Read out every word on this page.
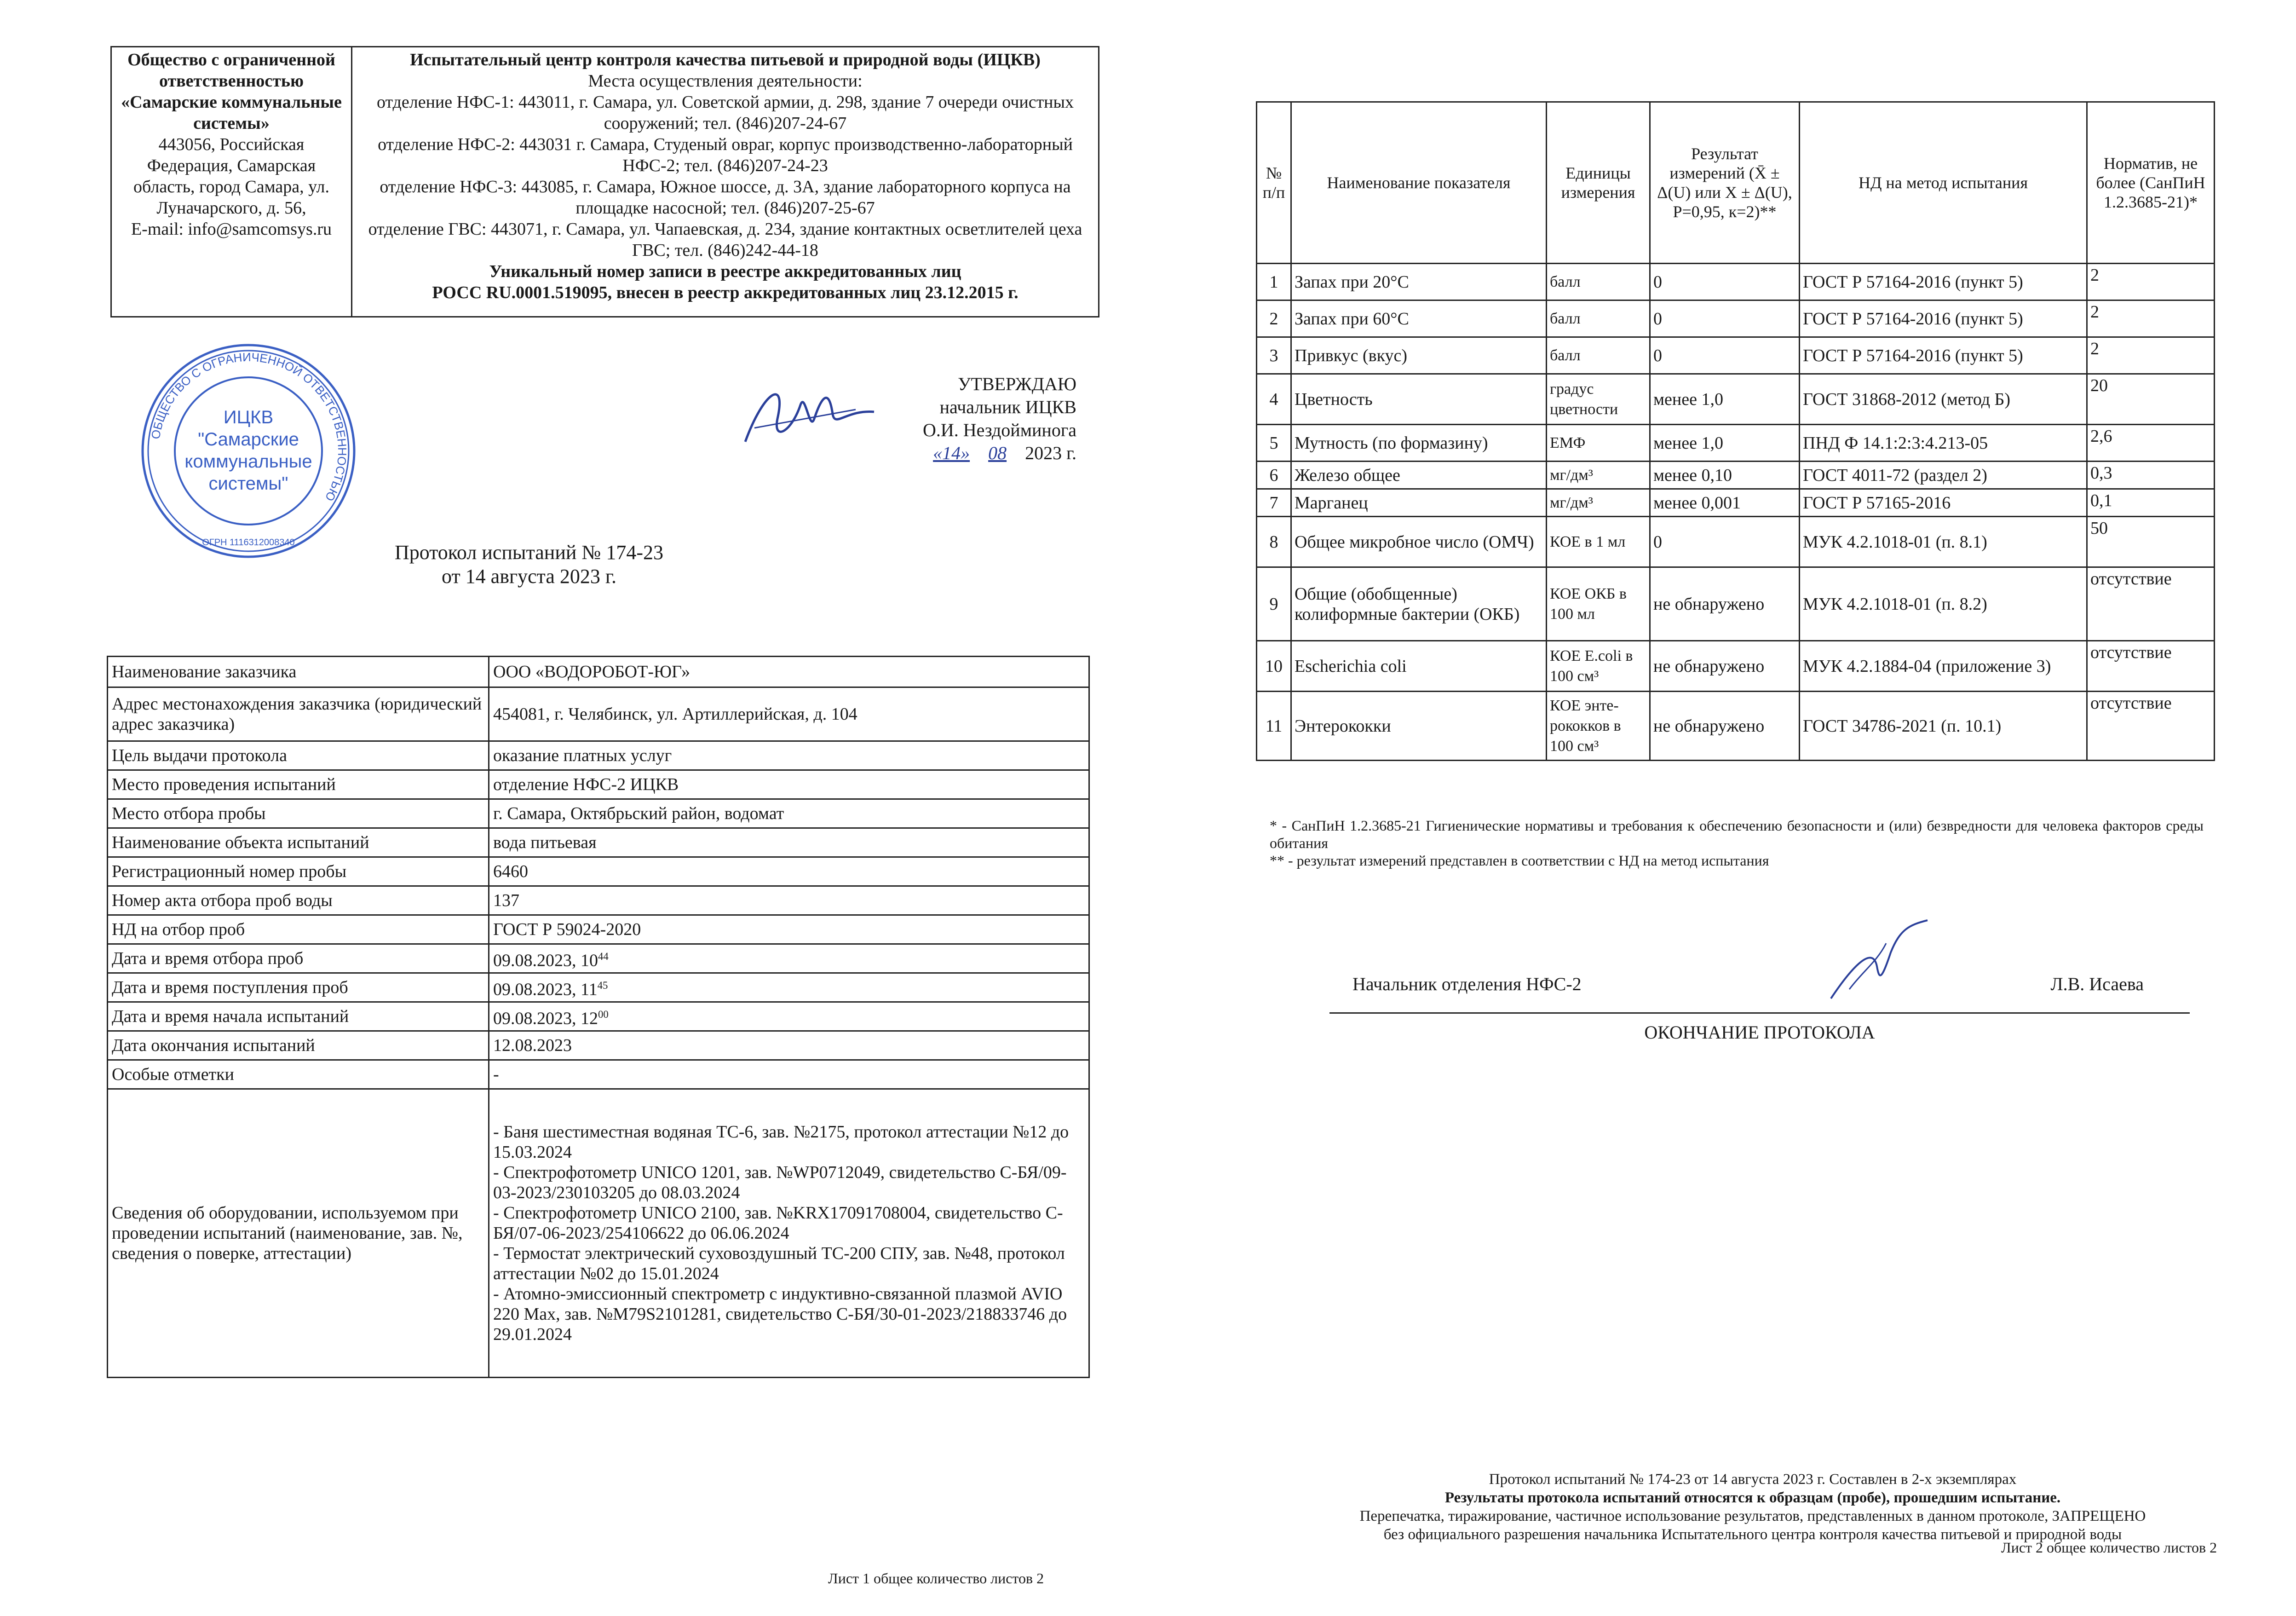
Общество с ограниченной ответственностью «Самарские коммунальные системы»
443056, Российская Федерация, Самарская область, город Самара, ул. Луначарского, д. 56,
E-mail: info@samcomsys.ru	Испытательный центр контроля качества питьевой и природной воды (ИЦКВ)
Места осуществления деятельности:
отделение НФС-1: 443011, г. Самара, ул. Советской армии, д. 298, здание 7 очереди очистных сооружений; тел. (846)207-24-67
отделение НФС-2: 443031 г. Самара, Студеный овраг, корпус производственно-лабораторный НФС-2; тел. (846)207-24-23
отделение НФС-3: 443085, г. Самара, Южное шоссе, д. 3А, здание лабораторного корпуса на площадке насосной; тел. (846)207-25-67
отделение ГВС: 443071, г. Самара, ул. Чапаевская, д. 234, здание контактных осветлителей цеха ГВС; тел. (846)242-44-18
Уникальный номер записи в реестре аккредитованных лиц
РОСС RU.0001.519095, внесен в реестр аккредитованных лиц 23.12.2015 г.
ОБЩЕСТВО С ОГРАНИЧЕННОЙ ОТВЕТСТВЕННОСТЬЮ
ОГРН 1116312008340
ИЦКВ
"Самарские
коммунальные
системы"
УТВЕРЖДАЮ
начальник ИЦКВ
О.И. Нездойминога
«14» 08 2023 г.
Протокол испытаний № 174-23
от 14 августа 2023 г.
Наименование заказчика	ООО «ВОДОРОБОТ-ЮГ»
Адрес местонахождения заказчика (юридический адрес заказчика)	454081, г. Челябинск, ул. Артиллерийская, д. 104
Цель выдачи протокола	оказание платных услуг
Место проведения испытаний	отделение НФС-2 ИЦКВ
Место отбора пробы	г. Самара, Октябрьский район, водомат
Наименование объекта испытаний	вода питьевая
Регистрационный номер пробы	6460
Номер акта отбора проб воды	137
НД на отбор проб	ГОСТ Р 59024-2020
Дата и время отбора проб	09.08.2023, $10^{44}$
Дата и время поступления проб	09.08.2023, $11^{45}$
Дата и время начала испытаний	09.08.2023, $12^{00}$
Дата окончания испытаний	12.08.2023
Особые отметки	-
Сведения об оборудовании, используемом при проведении испытаний (наименование, зав. №, сведения о поверке, аттестации)	- Баня шестиместная водяная ТС-6, зав. №2175, протокол аттестации №12 до 15.03.2024
- Спектрофотометр UNICO 1201, зав. №WP0712049, свидетельство С-БЯ/09-03-2023/230103205 до 08.03.2024
- Спектрофотометр UNICO 2100, зав. №KRX17091708004, свидетельство С-БЯ/07-06-2023/254106622 до 06.06.2024
- Термостат электрический суховоздушный ТС-200 СПУ, зав. №48, протокол аттестации №02 до 15.01.2024
- Атомно-эмиссионный спектрометр с индуктивно-связанной плазмой AVIO 220 Max, зав. №M79S2101281, свидетельство С-БЯ/30-01-2023/218833746 до 29.01.2024
Лист 1 общее количество листов 2
№ п/п	Наименование показателя	Единицы измерения	Результат измерений (X̄ ± Δ(U) или X ± Δ(U), P=0,95, к=2)**	НД на метод испытания	Норматив, не более (СанПиН 1.2.3685-21)*
1	Запах при 20°С	балл	0	ГОСТ Р 57164-2016 (пункт 5)	2
2	Запах при 60°С	балл	0	ГОСТ Р 57164-2016 (пункт 5)	2
3	Привкус (вкус)	балл	0	ГОСТ Р 57164-2016 (пункт 5)	2
4	Цветность	градус цветности	менее 1,0	ГОСТ 31868-2012 (метод Б)	20
5	Мутность (по формазину)	ЕМФ	менее 1,0	ПНД Ф 14.1:2:3:4.213-05	2,6
6	Железо общее	мг/дм³	менее 0,10	ГОСТ 4011-72 (раздел 2)	0,3
7	Марганец	мг/дм³	менее 0,001	ГОСТ Р 57165-2016	0,1
8	Общее микробное число (ОМЧ)	КОЕ в 1 мл	0	МУК 4.2.1018-01 (п. 8.1)	50
9	Общие (обобщенные) колиформные бактерии (ОКБ)	КОЕ ОКБ в 100 мл	не обнаружено	МУК 4.2.1018-01 (п. 8.2)	отсутствие
10	Escherichia coli	КОЕ E.coli в 100 см³	не обнаружено	МУК 4.2.1884-04 (приложение 3)	отсутствие
11	Энтерококки	КОЕ энте-рококков в 100 см³	не обнаружено	ГОСТ 34786-2021 (п. 10.1)	отсутствие
* - СанПиН 1.2.3685-21 Гигиенические нормативы и требования к обеспечению безопасности и (или) безвредности для человека факторов среды обитания
** - результат измерений представлен в соответствии с НД на метод испытания
Начальник отделения НФС-2	Л.В. Исаева
ОКОНЧАНИЕ ПРОТОКОЛА
Протокол испытаний № 174-23 от 14 августа 2023 г. Составлен в 2-х экземплярах
Результаты протокола испытаний относятся к образцам (пробе), прошедшим испытание.
Перепечатка, тиражирование, частичное использование результатов, представленных в данном протоколе, ЗАПРЕЩЕНО
без официального разрешения начальника Испытательного центра контроля качества питьевой и природной воды
Лист 2 общее количество листов 2
